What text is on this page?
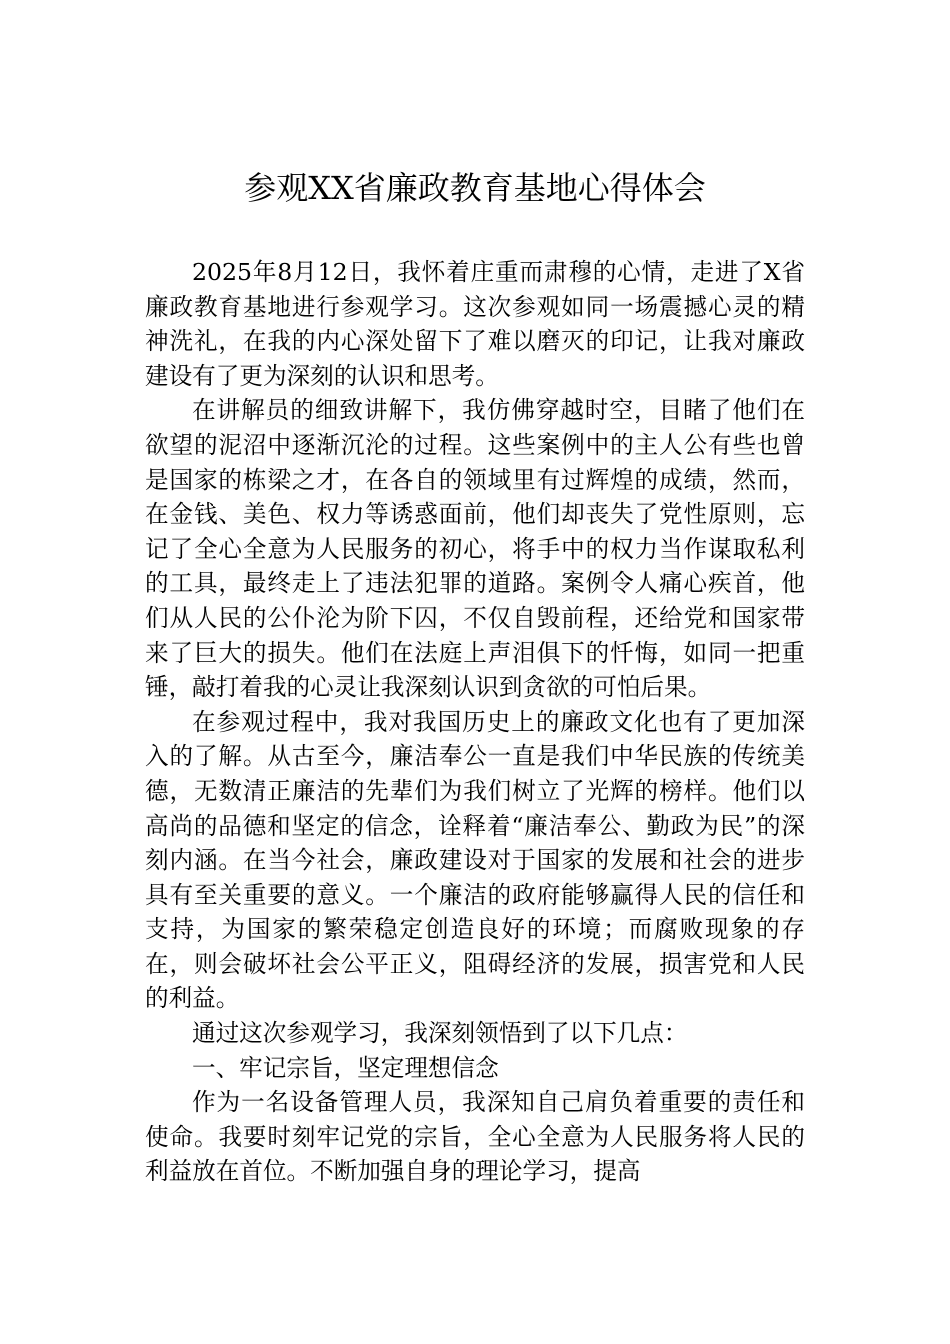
参观XX省廉政教育基地心得体会

2025年8月12日，我怀着庄重而肃穆的心情，走进了X省廉政教育基地进行参观学习。这次参观如同一场震撼心灵的精神洗礼，在我的内心深处留下了难以磨灭的印记，让我对廉政建设有了更为深刻的认识和思考。

在讲解员的细致讲解下，我仿佛穿越时空，目睹了他们在欲望的泥沼中逐渐沉沦的过程。这些案例中的主人公有些也曾是国家的栋梁之才，在各自的领域里有过辉煌的成绩，然而，在金钱、美色、权力等诱惑面前，他们却丧失了党性原则，忘记了全心全意为人民服务的初心，将手中的权力当作谋取私利的工具，最终走上了违法犯罪的道路。案例令人痛心疾首，他们从人民的公仆沦为阶下囚，不仅自毁前程，还给党和国家带来了巨大的损失。他们在法庭上声泪俱下的忏悔，如同一把重锤，敲打着我的心灵让我深刻认识到贪欲的可怕后果。

在参观过程中，我对我国历史上的廉政文化也有了更加深入的了解。从古至今，廉洁奉公一直是我们中华民族的传统美德，无数清正廉洁的先辈们为我们树立了光辉的榜样。他们以高尚的品德和坚定的信念，诠释着“廉洁奉公、勤政为民”的深刻内涵。在当今社会，廉政建设对于国家的发展和社会的进步具有至关重要的意义。一个廉洁的政府能够赢得人民的信任和支持，为国家的繁荣稳定创造良好的环境；而腐败现象的存在，则会破坏社会公平正义，阻碍经济的发展，损害党和人民的利益。

通过这次参观学习，我深刻领悟到了以下几点：

一、牢记宗旨，坚定理想信念

作为一名设备管理人员，我深知自己肩负着重要的责任和使命。我要时刻牢记党的宗旨，全心全意为人民服务将人民的利益放在首位。不断加强自身的理论学习，提高
